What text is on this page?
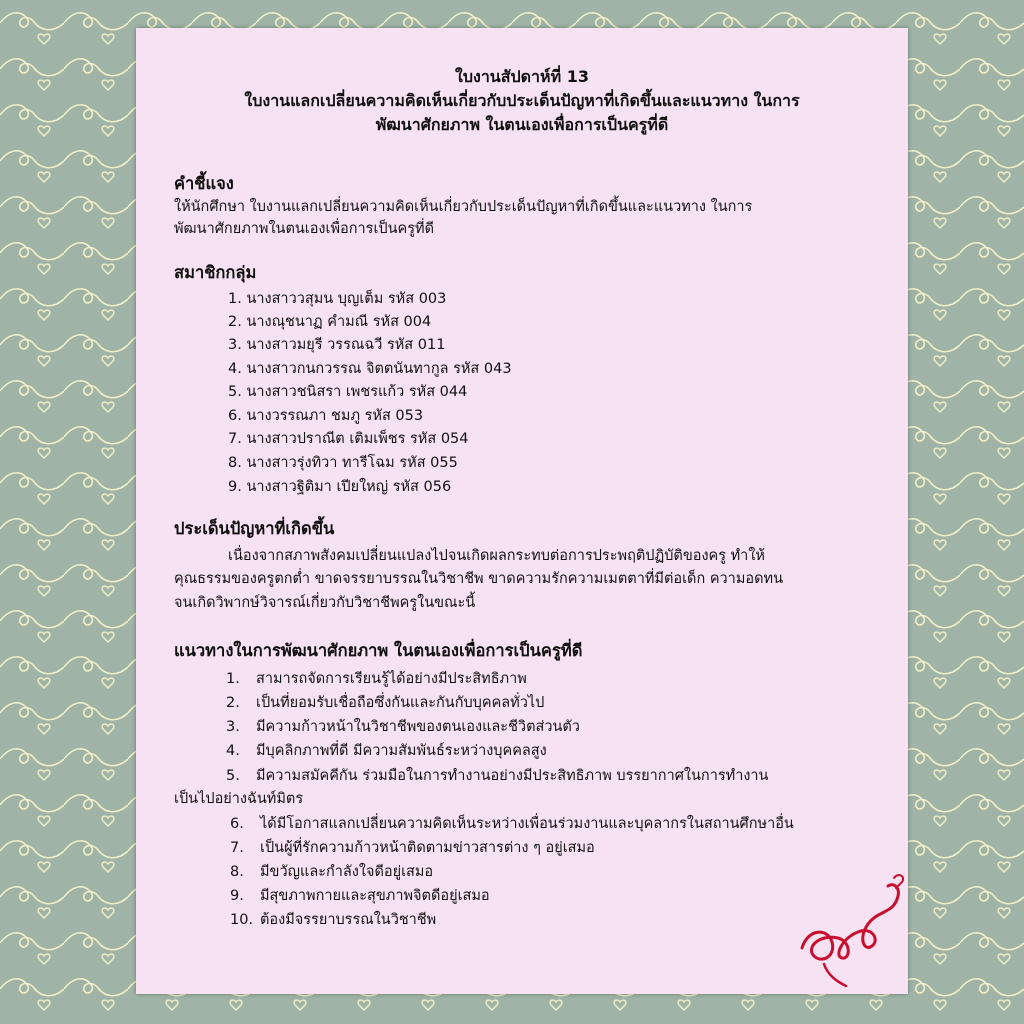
ใบงานสัปดาห์ที่ 13
ใบงานแลกเปลี่ยนความคิดเห็นเกี่ยวกับประเด็นปัญหาที่เกิดขึ้นและแนวทาง ในการ
พัฒนาศักยภาพ ในตนเองเพื่อการเป็นครูที่ดี
คำชี้แจง
ให้นักศึกษา ใบงานแลกเปลี่ยนความคิดเห็นเกี่ยวกับประเด็นปัญหาที่เกิดขึ้นและแนวทาง ในการ
พัฒนาศักยภาพในตนเองเพื่อการเป็นครูที่ดี
สมาชิกกลุ่ม
1. นางสาววสุมน บุญเต็ม รหัส 003
2. นางณุชนาฏ คำมณี รหัส 004
3. นางสาวมยุรี วรรณฉวี รหัส 011
4. นางสาวกนกวรรณ จิตตนันทากูล รหัส 043
5. นางสาวชนิสรา เพชรแก้ว รหัส 044
6. นางวรรณภา ชมภู รหัส 053
7. นางสาวปราณีต เติมเพ็ชร รหัส 054
8. นางสาวรุ่งทิวา ทารีโฉม รหัส 055
9. นางสาวฐิติมา เปียใหญ่ รหัส 056
ประเด็นปัญหาที่เกิดขึ้น
เนื่องจากสภาพสังคมเปลี่ยนแปลงไปจนเกิดผลกระทบต่อการประพฤติปฏิบัติของครู ทำให้
คุณธรรมของครูตกต่ำ ขาดจรรยาบรรณในวิชาชีพ ขาดความรักความเมตตาที่มีต่อเด็ก ความอดทน
จนเกิดวิพากษ์วิจารณ์เกี่ยวกับวิชาชีพครูในขณะนี้
แนวทางในการพัฒนาศักยภาพ ในตนเองเพื่อการเป็นครูที่ดี
1. สามารถจัดการเรียนรู้ได้อย่างมีประสิทธิภาพ
2. เป็นที่ยอมรับเชื่อถือซึ่งกันและกันกับบุคคลทั่วไป
3. มีความก้าวหน้าในวิชาชีพของตนเองและชีวิตส่วนตัว
4. มีบุคลิกภาพที่ดี มีความสัมพันธ์ระหว่างบุคคลสูง
5. มีความสมัคคีกัน ร่วมมือในการทำงานอย่างมีประสิทธิภาพ บรรยากาศในการทำงาน
เป็นไปอย่างฉันท์มิตร
6. ได้มีโอกาสแลกเปลี่ยนความคิดเห็นระหว่างเพื่อนร่วมงานและบุคลากรในสถานศึกษาอื่น
7. เป็นผู้ที่รักความก้าวหน้าติดตามข่าวสารต่าง ๆ อยู่เสมอ
8. มีขวัญและกำลังใจดีอยู่เสมอ
9. มีสุขภาพกายและสุขภาพจิตดีอยู่เสมอ
10. ต้องมีจรรยาบรรณในวิชาชีพ
